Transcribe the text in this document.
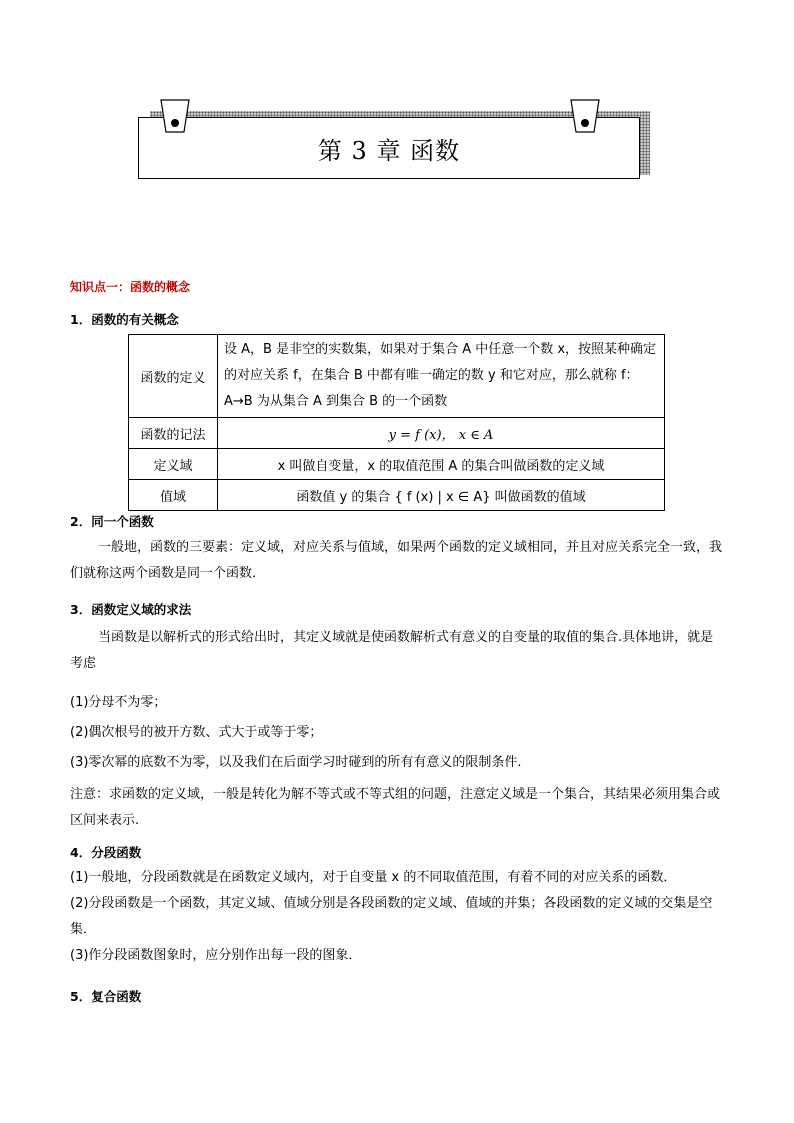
第 3 章 函数
知识点一：函数的概念
1．函数的有关概念
函数的定义	设 A，B 是非空的实数集，如果对于集合 A 中任意一个数 x，按照某种确定的对应关系 f，在集合 B 中都有唯一确定的数 y 和它对应，那么就称 f：A→B 为从集合 A 到集合 B 的一个函数
函数的记法	y = f (x)， x ∈ A
定义域	x 叫做自变量，x 的取值范围 A 的集合叫做函数的定义域
值域	函数值 y 的集合 { f (x) | x ∈ A} 叫做函数的值域
2．同一个函数
一般地，函数的三要素：定义域，对应关系与值域，如果两个函数的定义域相同，并且对应关系完全一致，我们就称这两个函数是同一个函数．
3．函数定义域的求法
当函数是以解析式的形式给出时，其定义域就是使函数解析式有意义的自变量的取值的集合.具体地讲，就是考虑
(1)分母不为零；
(2)偶次根号的被开方数、式大于或等于零；
(3)零次幂的底数不为零，以及我们在后面学习时碰到的所有有意义的限制条件.
注意：求函数的定义域，一般是转化为解不等式或不等式组的问题，注意定义域是一个集合，其结果必须用集合或区间来表示.
4．分段函数
(1)一般地，分段函数就是在函数定义域内，对于自变量 x 的不同取值范围，有着不同的对应关系的函数．
(2)分段函数是一个函数，其定义域、值域分别是各段函数的定义域、值域的并集；各段函数的定义域的交集是空集．
(3)作分段函数图象时，应分别作出每一段的图象．
5．复合函数
